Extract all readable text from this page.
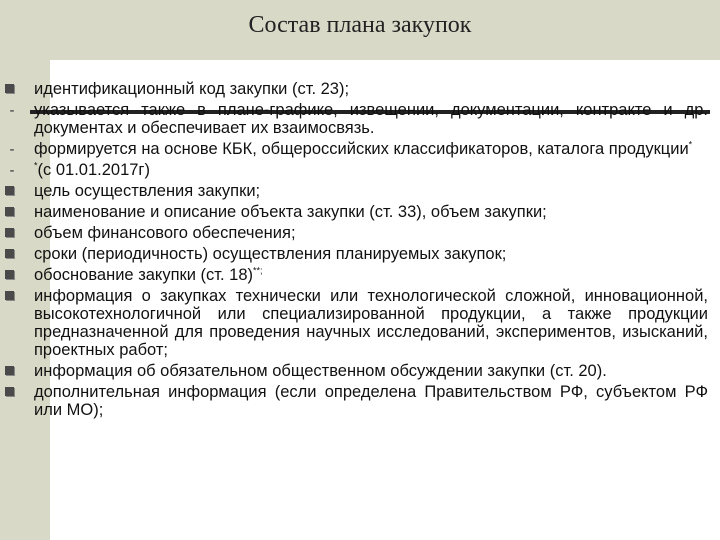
Состав плана закупок
идентификационный код закупки (ст. 23);
- указывается также в плане-графике, извещении, документации, контракте и др. документах и обеспечивает их взаимосвязь.
- формируется на основе КБК, общероссийских классификаторов, каталога продукции*
-	*(с 01.01.2017г)
цель осуществления закупки;
наименование и описание объекта закупки (ст. 33), объем закупки;
объем финансового обеспечения;
сроки (периодичность) осуществления планируемых закупок;
обоснование закупки (ст. 18)**;
информация о закупках технически или технологической сложной, инновационной, высокотехнологичной или специализированной продукции, а также продукции предназначенной для проведения научных исследований, экспериментов, изысканий, проектных работ;
информация об обязательном общественном обсуждении закупки (ст. 20).
дополнительная информация (если определена Правительством РФ, субъектом РФ или МО);
